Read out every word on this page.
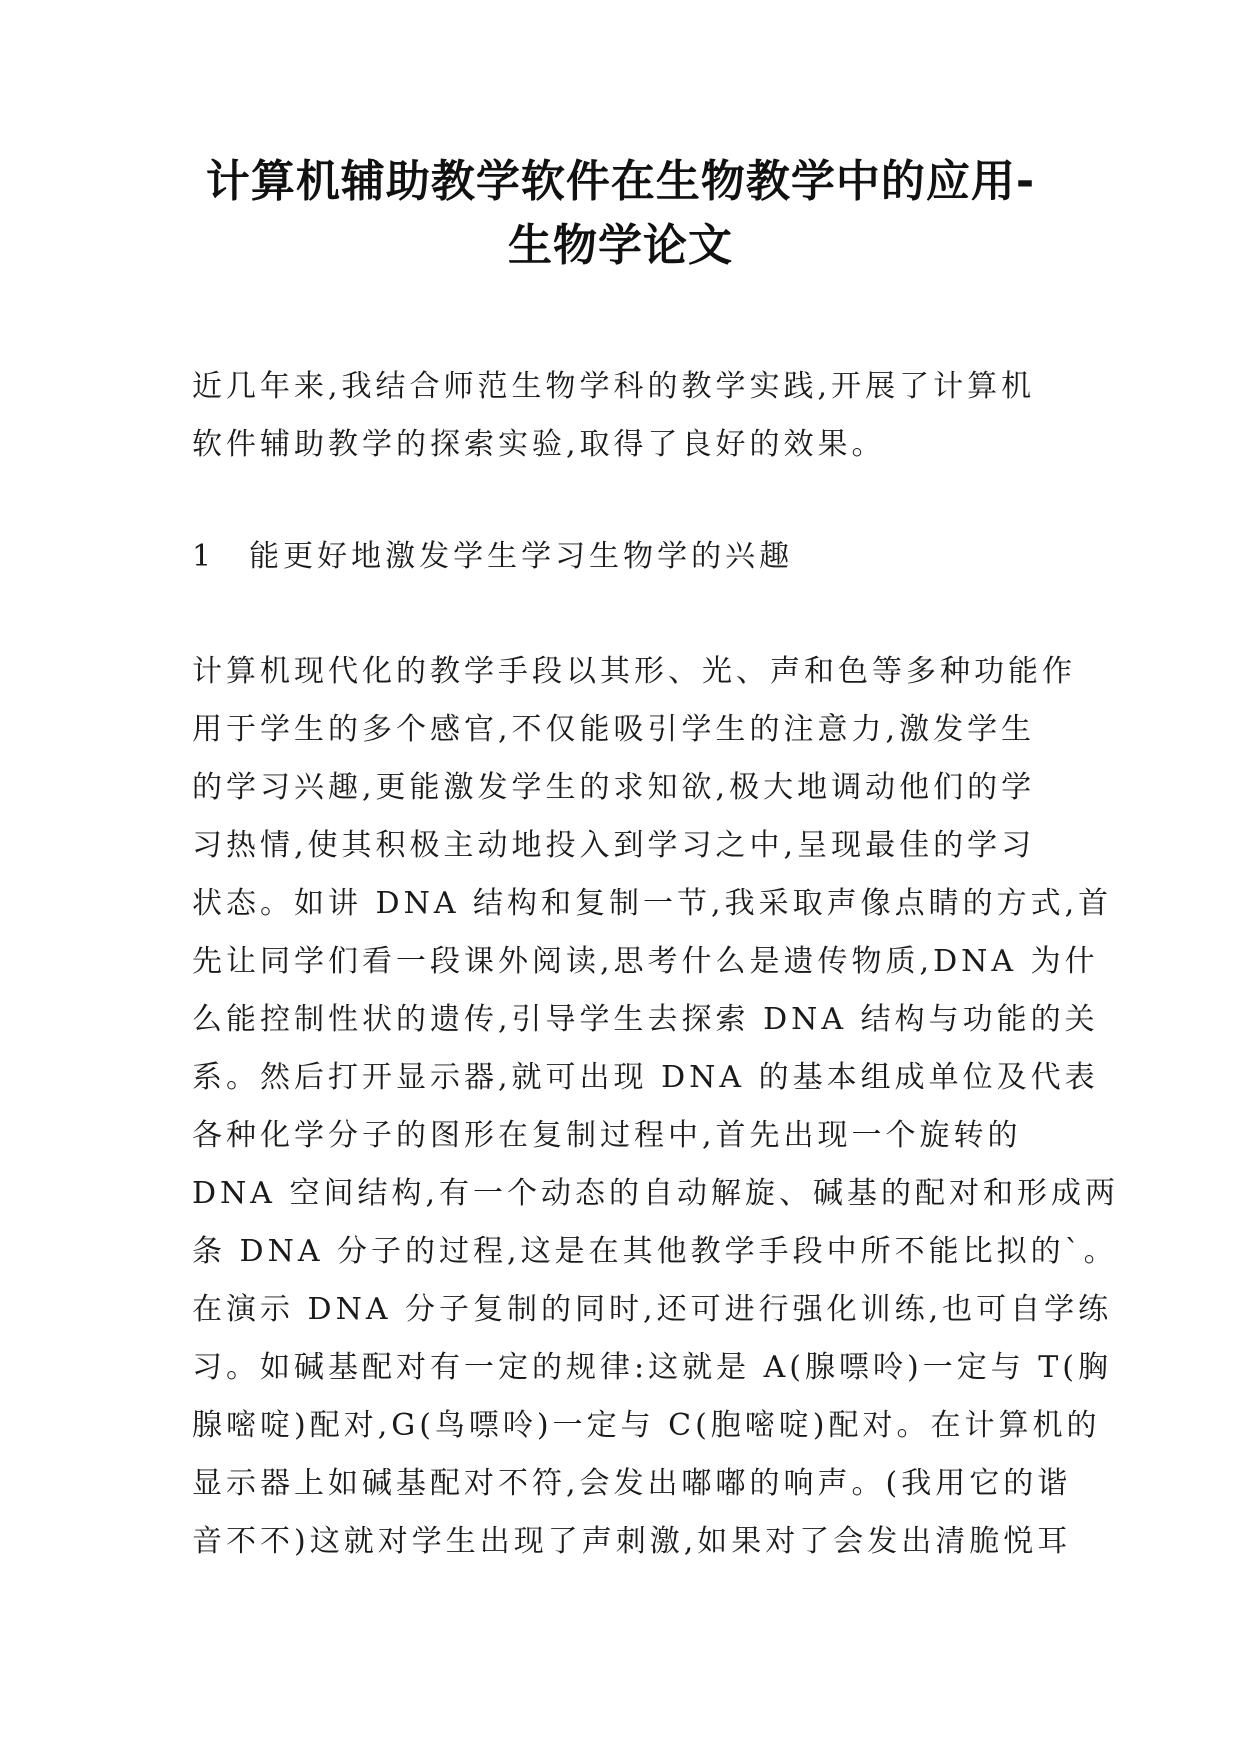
计算机辅助教学软件在生物教学中的应用-
生物学论文
近几年来,我结合师范生物学科的教学实践,开展了计算机
软件辅助教学的探索实验,取得了良好的效果。
1　能更好地激发学生学习生物学的兴趣
计算机现代化的教学手段以其形、光、声和色等多种功能作
用于学生的多个感官,不仅能吸引学生的注意力,激发学生
的学习兴趣,更能激发学生的求知欲,极大地调动他们的学
习热情,使其积极主动地投入到学习之中,呈现最佳的学习
状态。如讲 DNA 结构和复制一节,我采取声像点睛的方式,首
先让同学们看一段课外阅读,思考什么是遗传物质,DNA 为什
么能控制性状的遗传,引导学生去探索 DNA 结构与功能的关
系。然后打开显示器,就可出现 DNA 的基本组成单位及代表
各种化学分子的图形在复制过程中,首先出现一个旋转的
DNA 空间结构,有一个动态的自动解旋、碱基的配对和形成两
条 DNA 分子的过程,这是在其他教学手段中所不能比拟的`。
在演示 DNA 分子复制的同时,还可进行强化训练,也可自学练
习。如碱基配对有一定的规律:这就是 A(腺嘌呤)一定与 T(胸
腺嘧啶)配对,G(鸟嘌呤)一定与 C(胞嘧啶)配对。在计算机的
显示器上如碱基配对不符,会发出嘟嘟的响声。(我用它的谐
音不不)这就对学生出现了声刺激,如果对了会发出清脆悦耳
